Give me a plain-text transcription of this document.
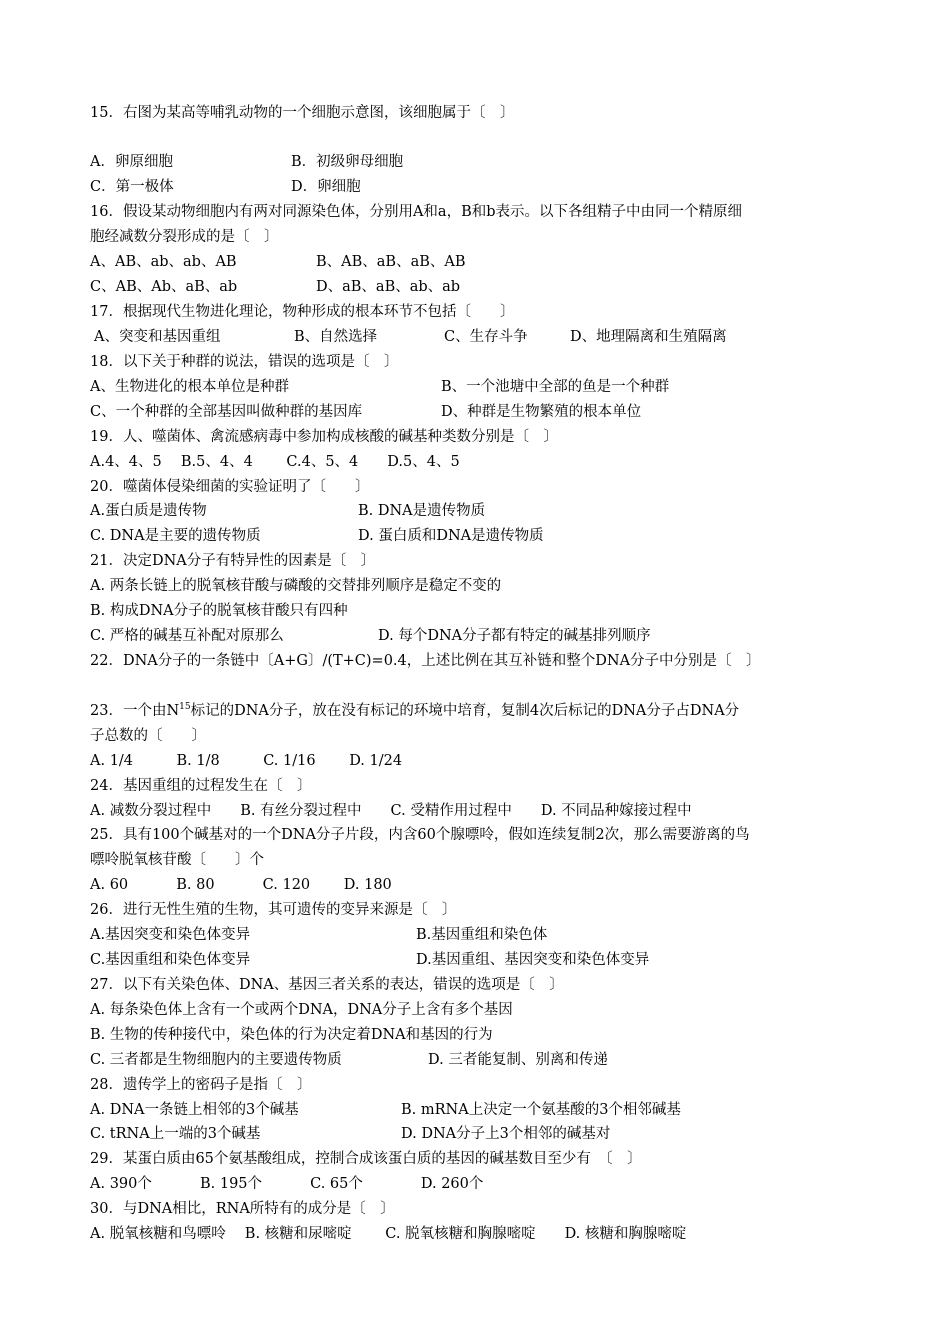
15．右图为某高等哺乳动物的一个细胞示意图，该细胞属于〔　〕
A．卵原细胞	B．初级卵母细胞
C．第一极体	D．卵细胞
16．假设某动物细胞内有两对同源染色体，分别用A和a，B和b表示。以下各组精子中由同一个精原细
胞经减数分裂形成的是〔　〕
A、AB、ab、ab、AB	B、AB、aB、aB、AB
C、AB、Ab、aB、ab	D、aB、aB、ab、ab
17．根据现代生物进化理论，物种形成的根本环节不包括〔　　〕
A、突变和基因重组	B、自然选择	C、生存斗争	D、地理隔离和生殖隔离
18．以下关于种群的说法，错误的选项是〔　〕
A、生物进化的根本单位是种群	B、一个池塘中全部的鱼是一个种群
C、一个种群的全部基因叫做种群的基因库	D、种群是生物繁殖的根本单位
19．人、噬菌体、禽流感病毒中参加构成核酸的碱基种类数分别是〔　〕
A.4、4、5　 B.5、4、4　　 C.4、5、4　　D.5、4、5
20．噬菌体侵染细菌的实验证明了〔　　〕
A.蛋白质是遗传物	B. DNA是遗传物质
C. DNA是主要的遗传物质	D. 蛋白质和DNA是遗传物质
21．决定DNA分子有特异性的因素是〔　〕
A. 两条长链上的脱氧核苷酸与磷酸的交替排列顺序是稳定不变的
B. 构成DNA分子的脱氧核苷酸只有四种
C. 严格的碱基互补配对原那么	D. 每个DNA分子都有特定的碱基排列顺序
22．DNA分子的一条链中〔A+G〕/(T+C)=0.4，上述比例在其互补链和整个DNA分子中分别是〔　〕
23．一个由$N^{15}$标记的DNA分子，放在没有标记的环境中培育，复制4次后标记的DNA分子占DNA分
子总数的〔　　〕
A. 1/4　　　B. 1/8　　　C. 1/16　　 D. 1/24
24．基因重组的过程发生在〔　〕
A. 减数分裂过程中　　B. 有丝分裂过程中　　C. 受精作用过程中　　D. 不同品种嫁接过程中
25．具有100个碱基对的一个DNA分子片段，内含60个腺嘌呤，假如连续复制2次，那么需要游离的鸟
嘌呤脱氧核苷酸〔　　〕个
A. 60　　　 B. 80　　　 C. 120　　 D. 180
26．进行无性生殖的生物，其可遗传的变异来源是〔　〕
A.基因突变和染色体变异	B.基因重组和染色体
C.基因重组和染色体变异	D.基因重组、基因突变和染色体变异
27．以下有关染色体、DNA、基因三者关系的表达，错误的选项是〔　〕
A. 每条染色体上含有一个或两个DNA，DNA分子上含有多个基因
B. 生物的传种接代中，染色体的行为决定着DNA和基因的行为
C. 三者都是生物细胞内的主要遗传物质	D. 三者能复制、别离和传递
28．遗传学上的密码子是指〔　〕
A. DNA一条链上相邻的3个碱基	B. mRNA上决定一个氨基酸的3个相邻碱基
C. tRNA上一端的3个碱基	D. DNA分子上3个相邻的碱基对
29．某蛋白质由65个氨基酸组成，控制合成该蛋白质的基因的碱基数目至少有　〔　〕
A. 390个　　　 B. 195个　　　 C. 65个　　　　D. 260个
30．与DNA相比，RNA所特有的成分是〔　〕
A. 脱氧核糖和鸟嘌呤　 B. 核糖和尿嘧啶　　 C. 脱氧核糖和胸腺嘧啶　　D. 核糖和胸腺嘧啶
